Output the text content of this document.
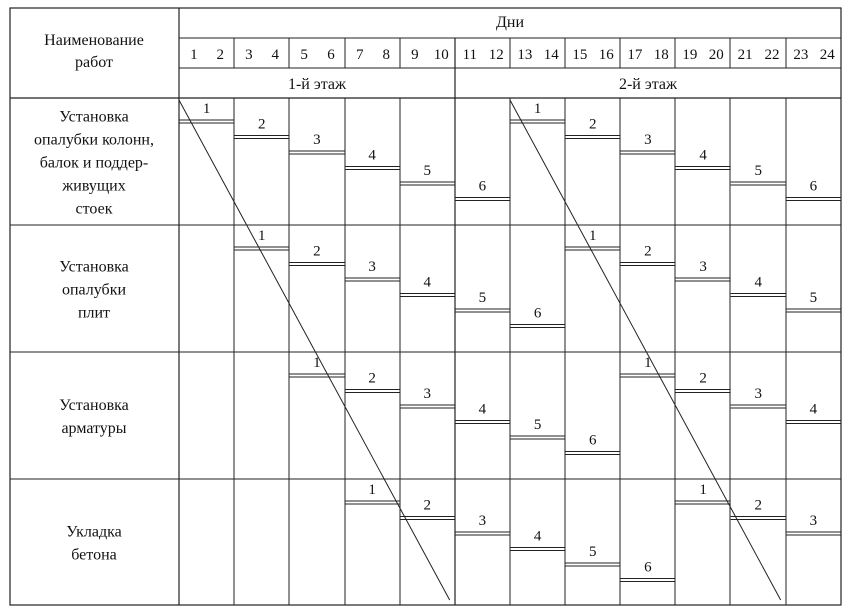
Наименование
работ
Дни
1 2 3 4 5 6 7 8 9 10 11 12 13 14 15 16 17 18 19 20 21 22 23 24
1-й этаж	2-й этаж
Установка
опалубки колонн,
балок и поддер-
живущих
стоек
Установка
опалубки
плит
Установка
арматуры
Укладка
бетона
1
2
3
4
5
6
1
2
3
4
5
6
1
2
3
4
5
6
1
2
3
4
5
1
2
3
4
5
6
1
2
3
4
1
2
3
4
5
6
1
2
3
